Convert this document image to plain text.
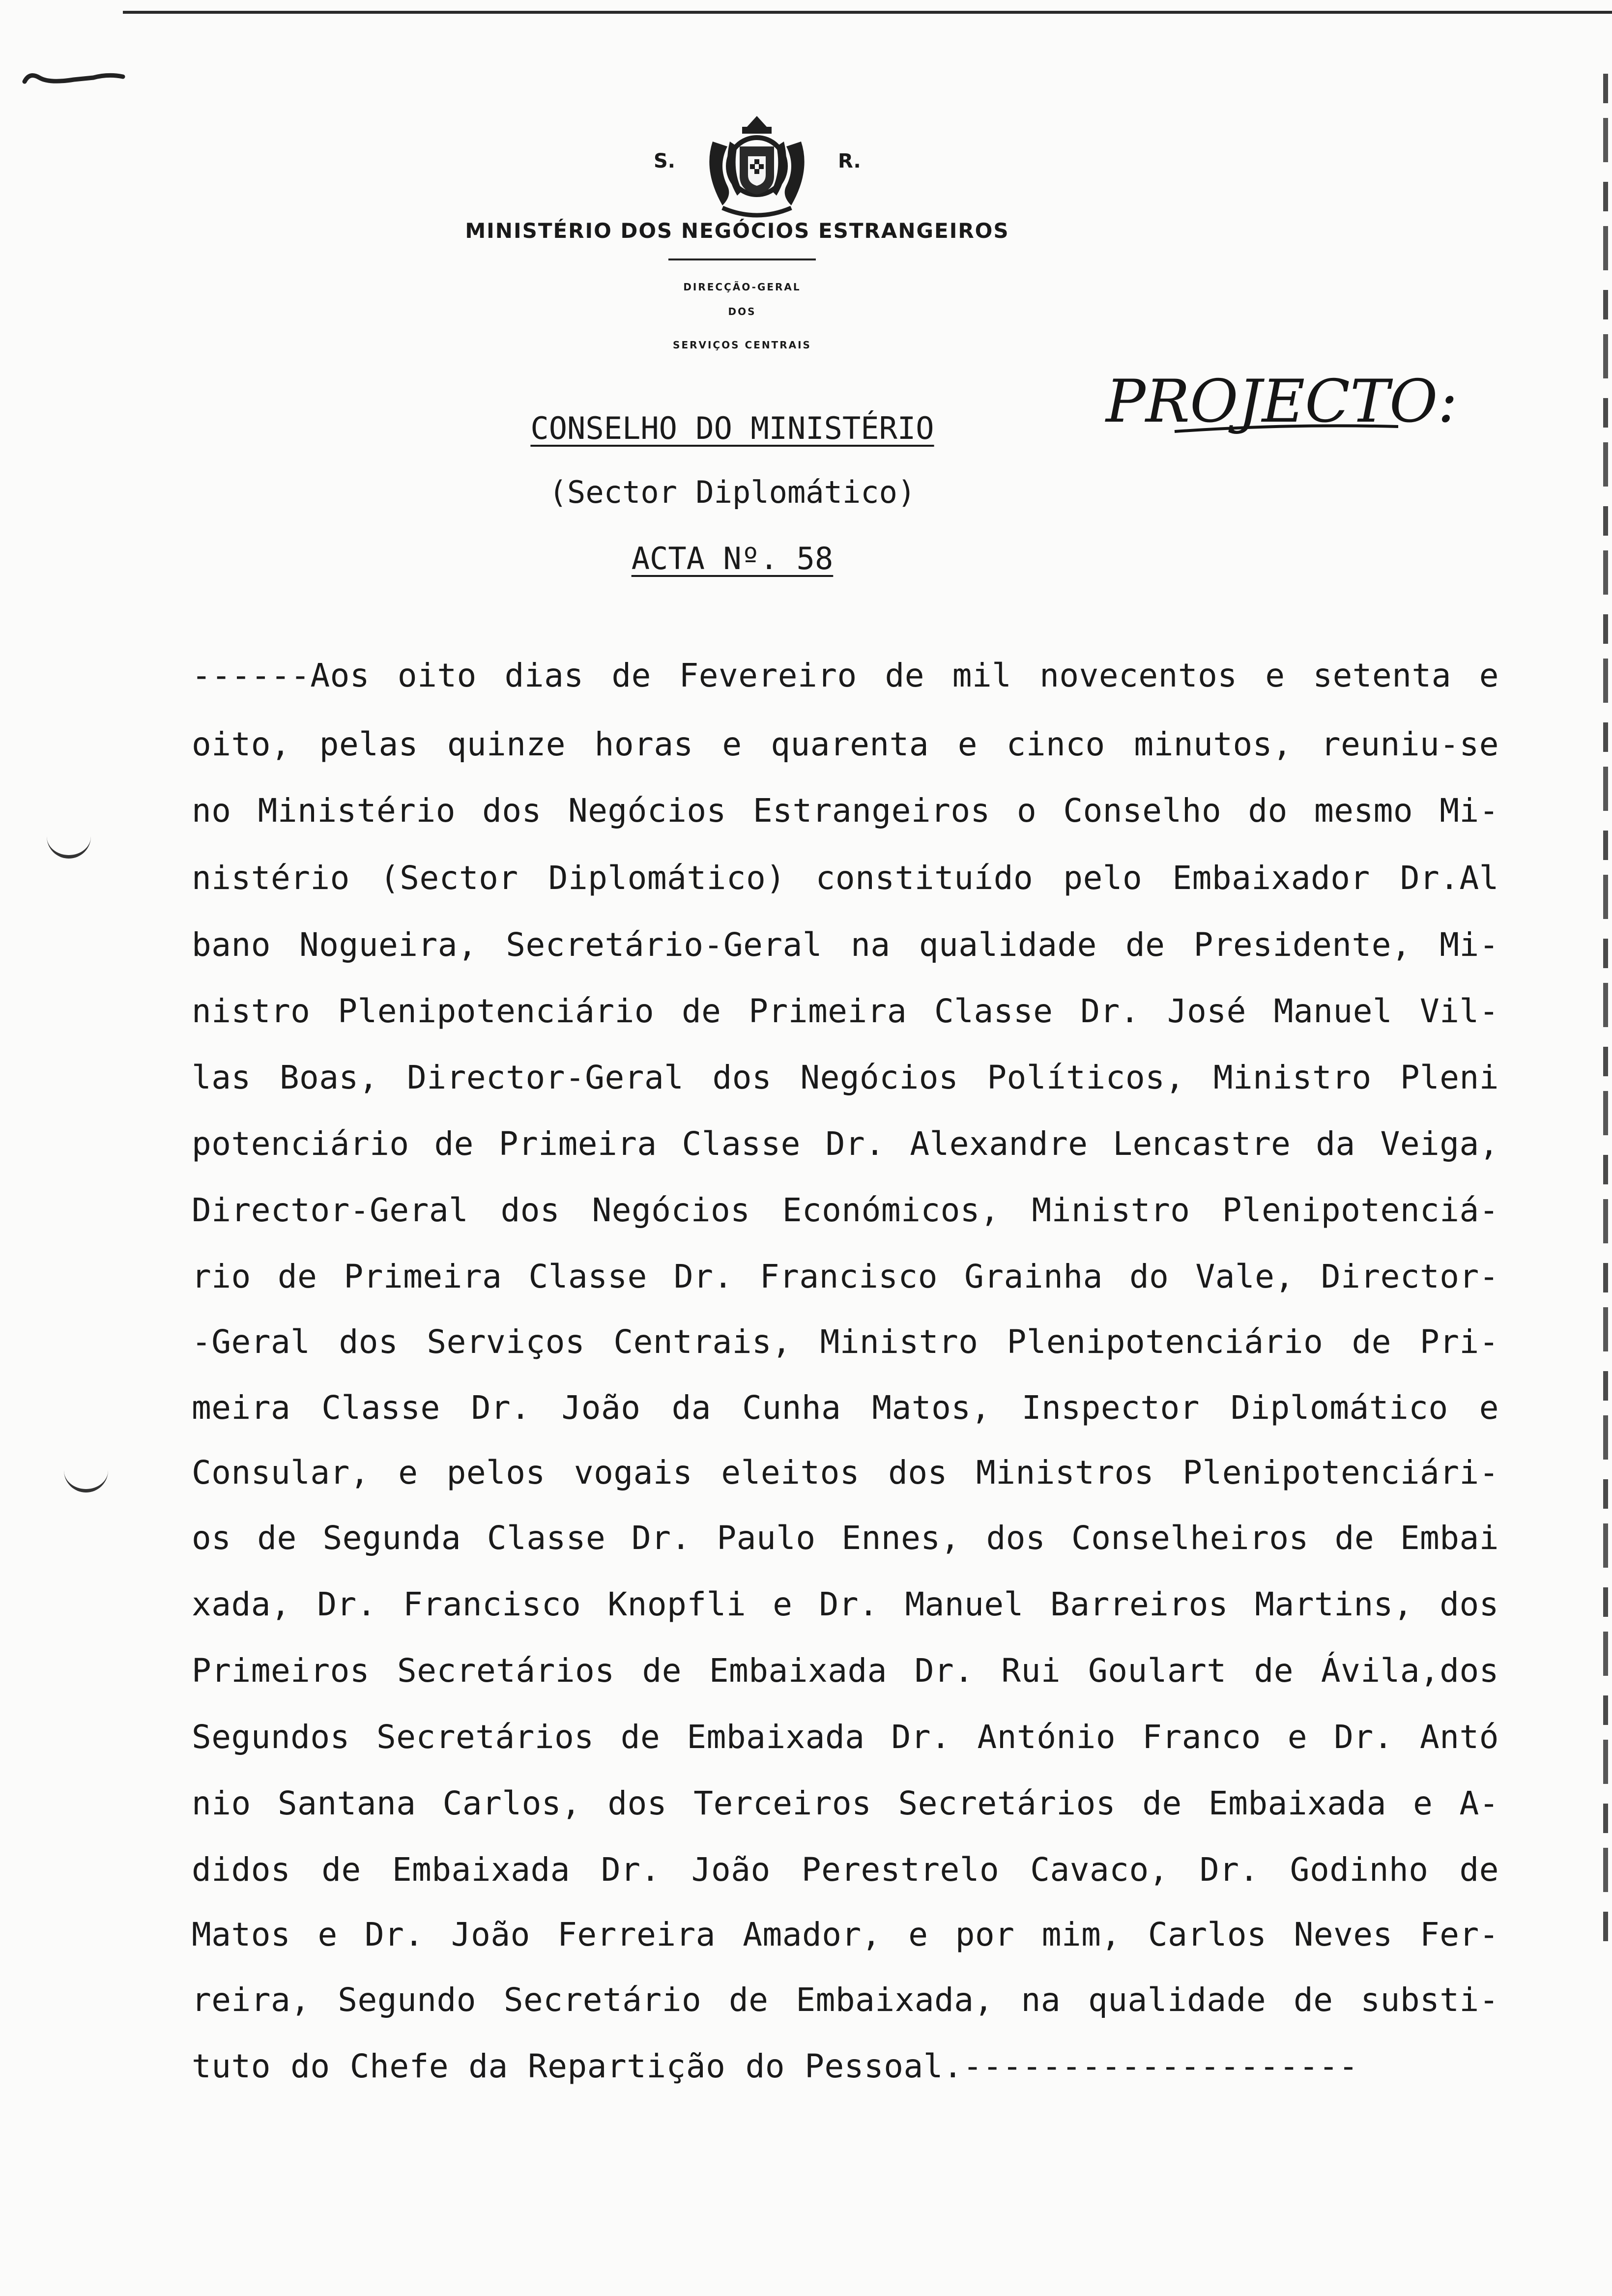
S.	R.
MINISTÉRIO DOS NEGÓCIOS ESTRANGEIROS
DIRECÇÃO-GERAL
DOS
SERVIÇOS CENTRAIS
PROJECTO:
CONSELHO DO MINISTÉRIO
(Sector Diplomático)
ACTA Nº. 58
------Aos oito dias de Fevereiro de mil novecentos e setenta e
oito, pelas quinze horas e quarenta e cinco minutos, reuniu-se
no Ministério dos Negócios Estrangeiros o Conselho do mesmo Mi-
nistério (Sector Diplomático) constituído pelo Embaixador Dr.Al
bano Nogueira, Secretário-Geral na qualidade de Presidente, Mi-
nistro Plenipotenciário de Primeira Classe Dr. José Manuel Vil-
las Boas, Director-Geral dos Negócios Políticos, Ministro Pleni
potenciário de Primeira Classe Dr. Alexandre Lencastre da Veiga,
Director-Geral dos Negócios Económicos, Ministro Plenipotenciá-
rio de Primeira Classe Dr. Francisco Grainha do Vale, Director-
-Geral dos Serviços Centrais, Ministro Plenipotenciário de Pri-
meira Classe Dr. João da Cunha Matos, Inspector Diplomático e
Consular, e pelos vogais eleitos dos Ministros Plenipotenciári-
os de Segunda Classe Dr. Paulo Ennes, dos Conselheiros de Embai
xada, Dr. Francisco Knopfli e Dr. Manuel Barreiros Martins, dos
Primeiros Secretários de Embaixada Dr. Rui Goulart de Ávila,dos
Segundos Secretários de Embaixada Dr. António Franco e Dr. Antó
nio Santana Carlos, dos Terceiros Secretários de Embaixada e A-
didos de Embaixada Dr. João Perestrelo Cavaco, Dr. Godinho de
Matos e Dr. João Ferreira Amador, e por mim, Carlos Neves Fer-
reira, Segundo Secretário de Embaixada, na qualidade de substi-
tuto do Chefe da Repartição do Pessoal.--------------------
